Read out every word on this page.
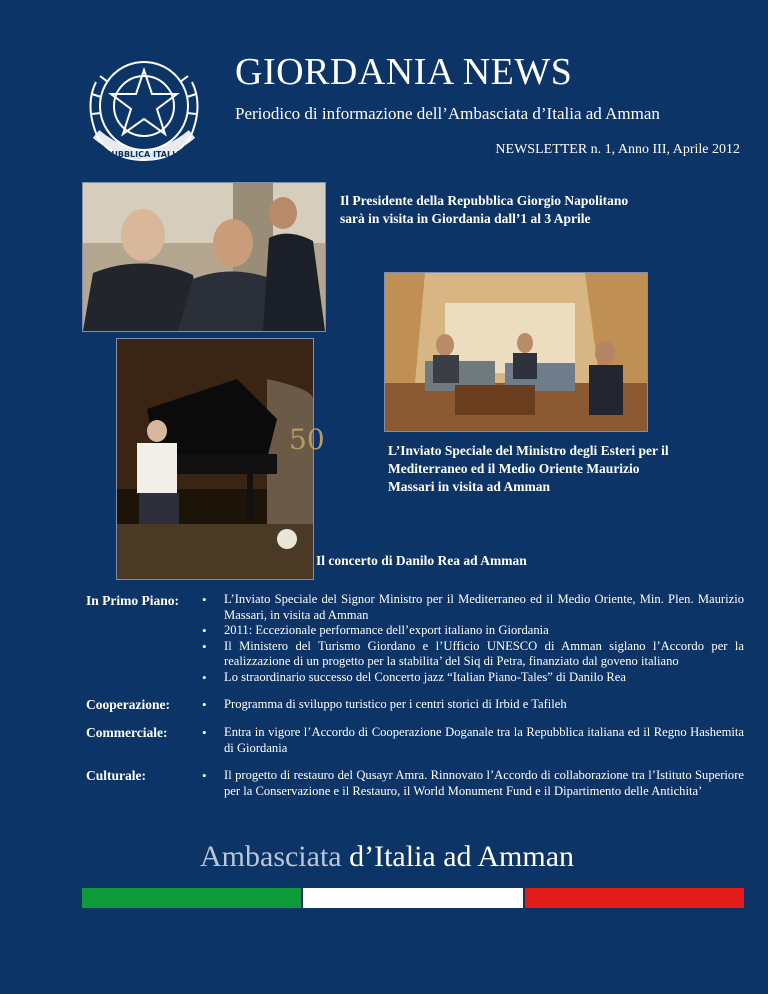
REPUBBLICA ITALIANA
GIORDANIA NEWS
Periodico di informazione dell’Ambasciata d’Italia ad Amman
NEWSLETTER n. 1, Anno III, Aprile 2012
Il Presidente della Repubblica Giorgio Napolitano sarà in visita in Giordania dall’1 al 3 Aprile
L’Inviato Speciale del Ministro degli Esteri per il Mediterraneo ed il Medio Oriente Maurizio Massari in visita ad Amman
50
Il concerto di Danilo Rea ad Amman
In Primo Piano:	• L’Inviato Speciale del Signor Ministro per il Mediterraneo ed il Medio Oriente, Min. Plen. Maurizio Massari, in visita ad Amman
• 2011: Eccezionale performance dell’export italiano in Giordania
• Il Ministero del Turismo Giordano e l’Ufficio UNESCO di Amman siglano l’Accordo per la realizzazione di un progetto per la stabilita’ del Siq di Petra, finanziato dal goveno italiano
• Lo straordinario successo del Concerto jazz “Italian Piano-Tales” di Danilo Rea
Cooperazione:	• Programma di sviluppo turistico per i centri storici di Irbid e Tafileh
Commerciale:	• Entra in vigore l’Accordo di Cooperazione Doganale tra la Repubblica italiana ed il Regno Hashemita di Giordania
Culturale:	• Il progetto di restauro del Qusayr Amra. Rinnovato l’Accordo di collaborazione tra l’Istituto Superiore per la Conservazione e il Restauro, il World Monument Fund e il Dipartimento delle Antichita’
Ambasciata d’Italia ad Amman
